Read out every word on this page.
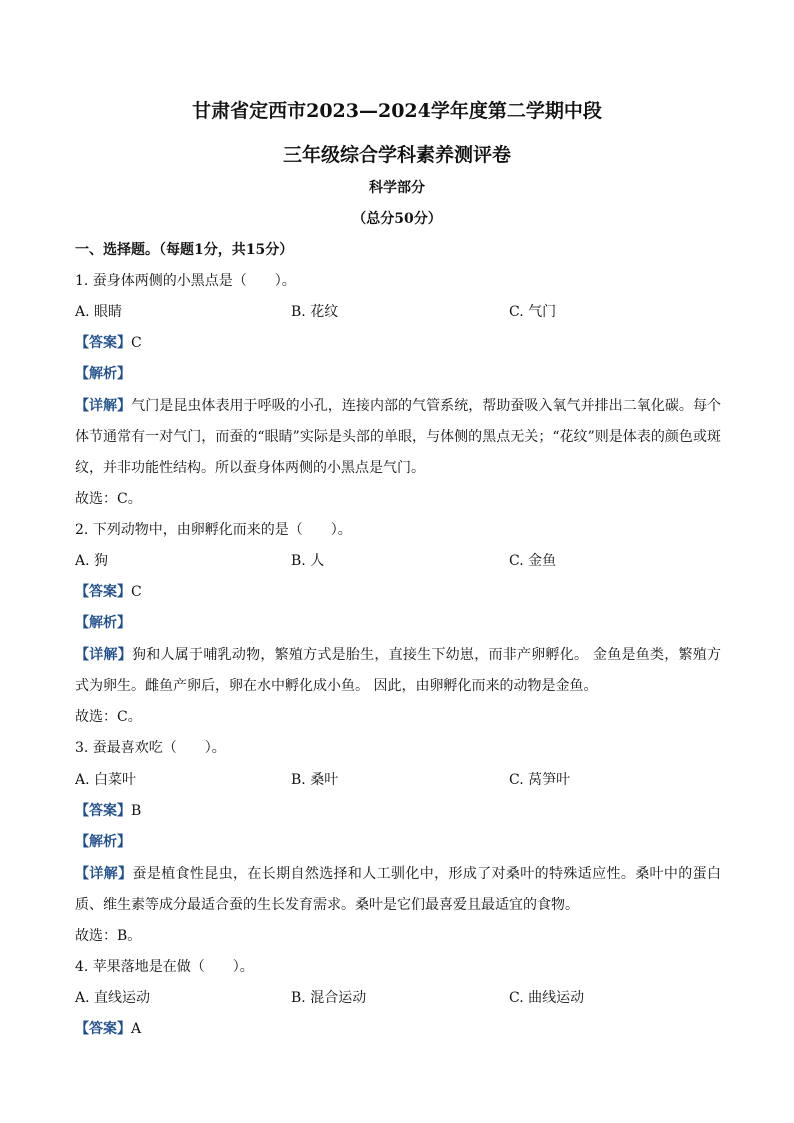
甘肃省定西市2023—2024学年度第二学期中段
三年级综合学科素养测评卷
科学部分
（总分50分）
一、选择题。（每题1分，共15分）
1. 蚕身体两侧的小黑点是（　　）。
A. 眼睛	B. 花纹	C. 气门
【答案】C
【解析】
【详解】气门是昆虫体表用于呼吸的小孔，连接内部的气管系统，帮助蚕吸入氧气并排出二氧化碳。每个体节通常有一对气门，而蚕的“眼睛”实际是头部的单眼，与体侧的黑点无关；“花纹”则是体表的颜色或斑纹，并非功能性结构。所以蚕身体两侧的小黑点是气门。
故选：C。
2. 下列动物中，由卵孵化而来的是（　　）。
A. 狗	B. 人	C. 金鱼
【答案】C
【解析】
【详解】狗和人属于哺乳动物，繁殖方式是胎生，直接生下幼崽，而非产卵孵化。 金鱼是鱼类，繁殖方式为卵生。雌鱼产卵后，卵在水中孵化成小鱼。 因此，由卵孵化而来的动物是金鱼。
故选：C。
3. 蚕最喜欢吃（　　）。
A. 白菜叶	B. 桑叶	C. 莴笋叶
【答案】B
【解析】
【详解】蚕是植食性昆虫，在长期自然选择和人工驯化中，形成了对桑叶的特殊适应性。桑叶中的蛋白质、维生素等成分最适合蚕的生长发育需求。桑叶是它们最喜爱且最适宜的食物。
故选：B。
4. 苹果落地是在做（　　）。
A. 直线运动	B. 混合运动	C. 曲线运动
【答案】A
